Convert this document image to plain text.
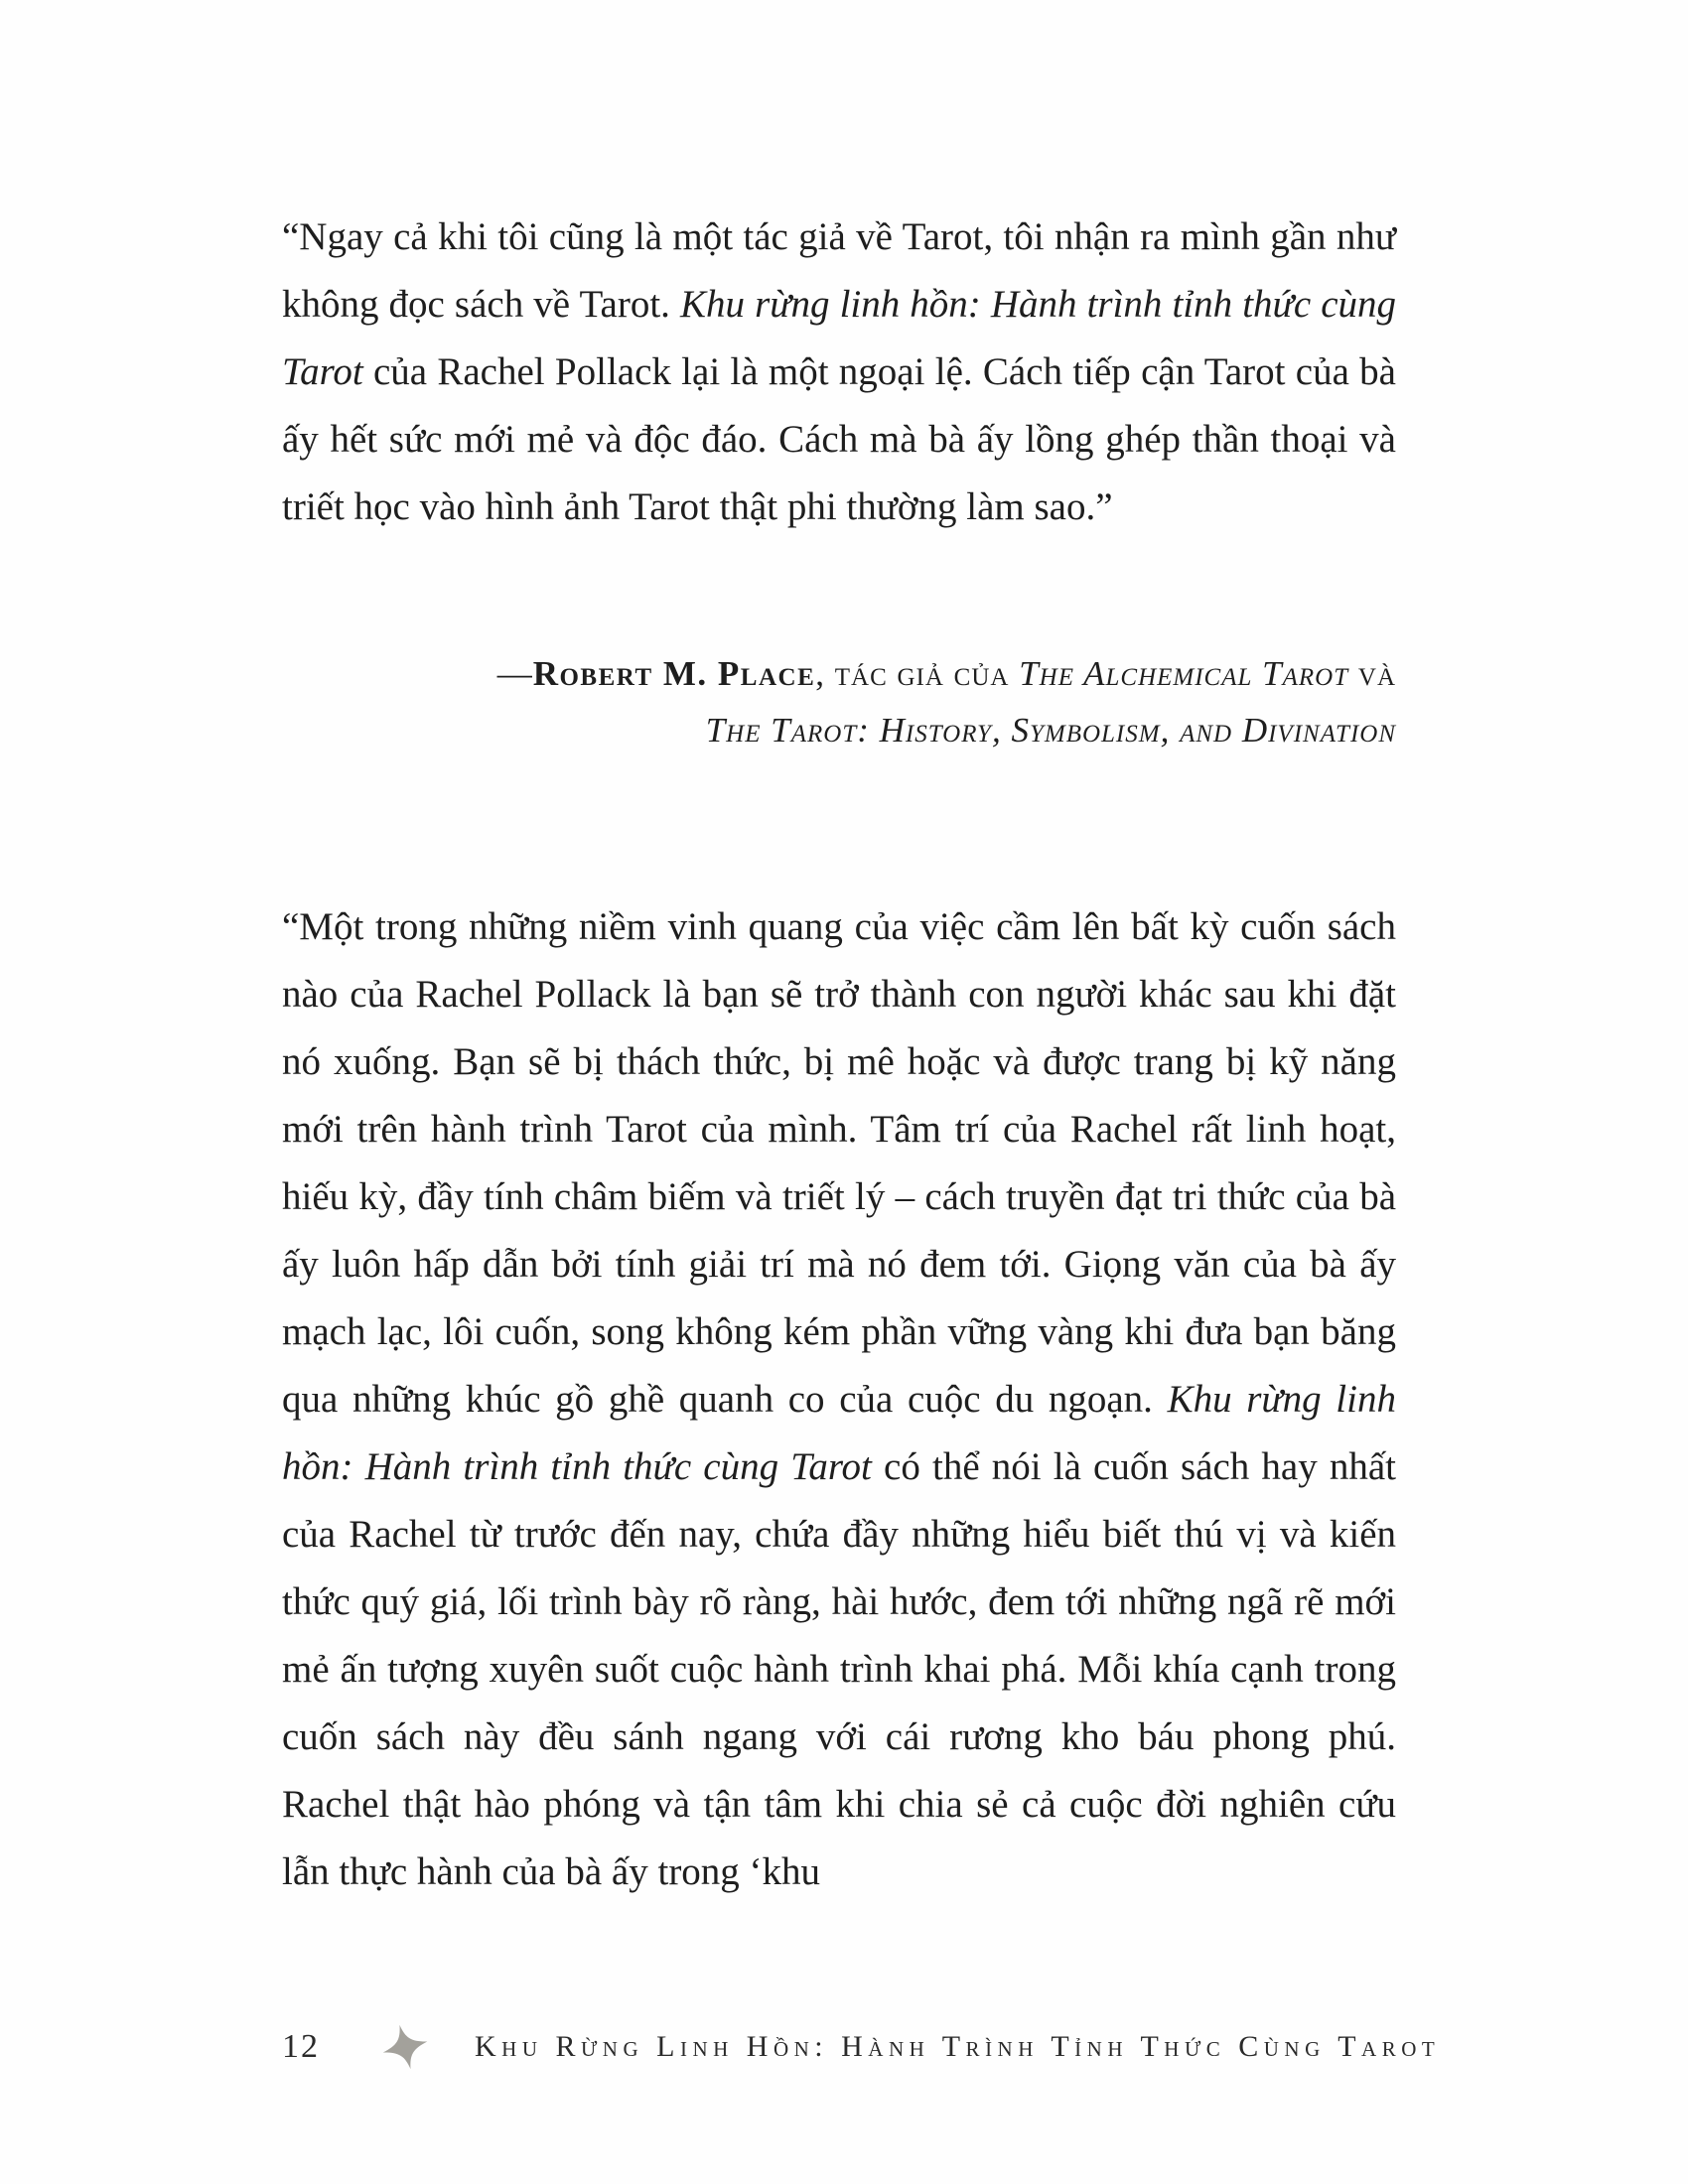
“Ngay cả khi tôi cũng là một tác giả về Tarot, tôi nhận ra mình gần như không đọc sách về Tarot. Khu rừng linh hồn: Hành trình tỉnh thức cùng Tarot của Rachel Pollack lại là một ngoại lệ. Cách tiếp cận Tarot của bà ấy hết sức mới mẻ và độc đáo. Cách mà bà ấy lồng ghép thần thoại và triết học vào hình ảnh Tarot thật phi thường làm sao.”
—Robert M. Place, tác giả của The Alchemical Tarot và
The Tarot: History, Symbolism, and Divination
“Một trong những niềm vinh quang của việc cầm lên bất kỳ cuốn sách nào của Rachel Pollack là bạn sẽ trở thành con người khác sau khi đặt nó xuống. Bạn sẽ bị thách thức, bị mê hoặc và được trang bị kỹ năng mới trên hành trình Tarot của mình. Tâm trí của Rachel rất linh hoạt, hiếu kỳ, đầy tính châm biếm và triết lý – cách truyền đạt tri thức của bà ấy luôn hấp dẫn bởi tính giải trí mà nó đem tới. Giọng văn của bà ấy mạch lạc, lôi cuốn, song không kém phần vững vàng khi đưa bạn băng qua những khúc gồ ghề quanh co của cuộc du ngoạn. Khu rừng linh hồn: Hành trình tỉnh thức cùng Tarot có thể nói là cuốn sách hay nhất của Rachel từ trước đến nay, chứa đầy những hiểu biết thú vị và kiến thức quý giá, lối trình bày rõ ràng, hài hước, đem tới những ngã rẽ mới mẻ ấn tượng xuyên suốt cuộc hành trình khai phá. Mỗi khía cạnh trong cuốn sách này đều sánh ngang với cái rương kho báu phong phú. Rachel thật hào phóng và tận tâm khi chia sẻ cả cuộc đời nghiên cứu lẫn thực hành của bà ấy trong ‘khu
12	Khu Rừng Linh Hồn: Hành Trình Tỉnh Thức Cùng Tarot
